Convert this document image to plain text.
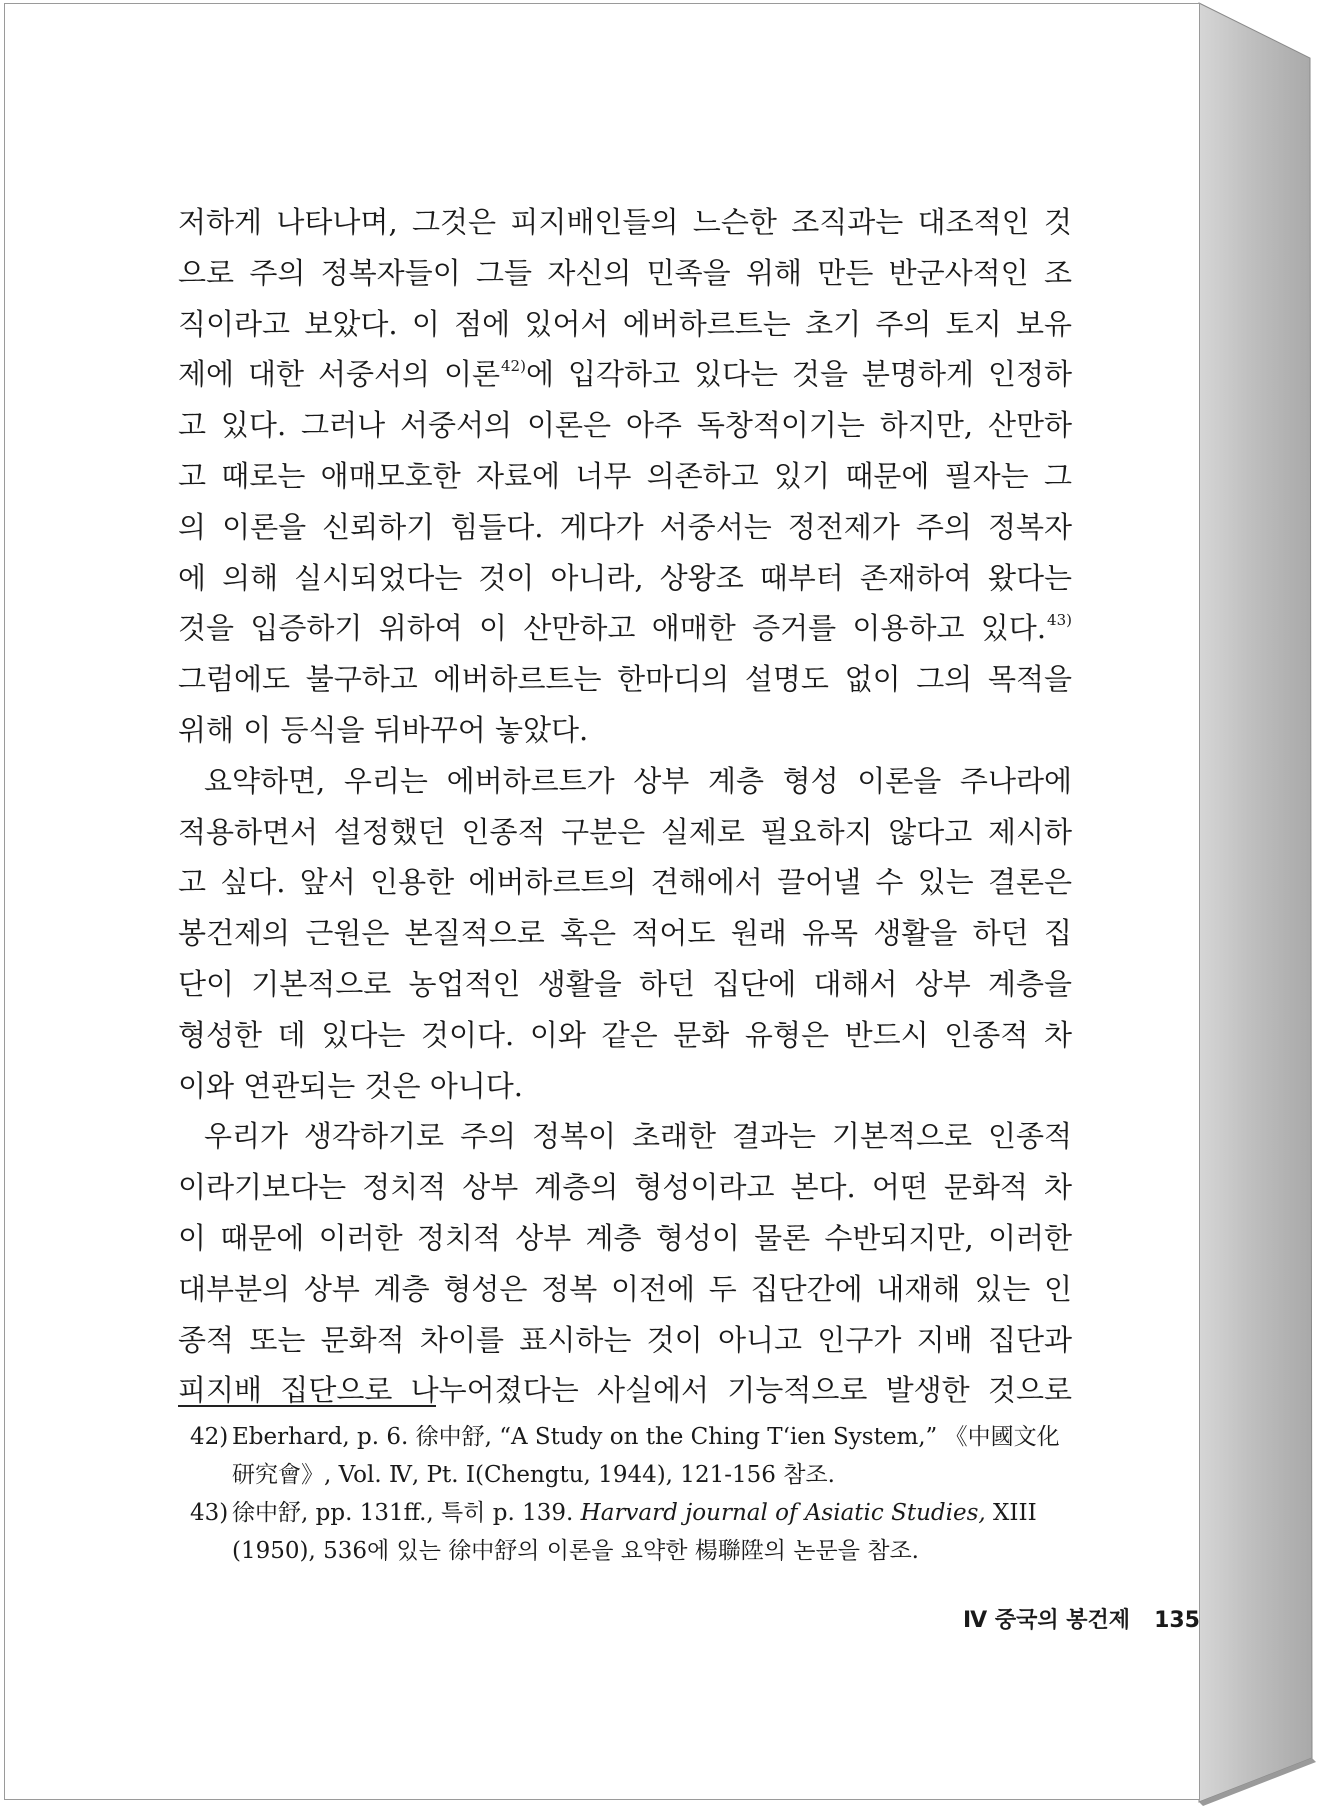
저하게 나타나며, 그것은 피지배인들의 느슨한 조직과는 대조적인 것
으로 주의 정복자들이 그들 자신의 민족을 위해 만든 반군사적인 조
직이라고 보았다. 이 점에 있어서 에버하르트는 초기 주의 토지 보유
제에 대한 서중서의 이론$^{42)}$에 입각하고 있다는 것을 분명하게 인정하
고 있다. 그러나 서중서의 이론은 아주 독창적이기는 하지만, 산만하
고 때로는 애매모호한 자료에 너무 의존하고 있기 때문에 필자는 그
의 이론을 신뢰하기 힘들다. 게다가 서중서는 정전제가 주의 정복자
에 의해 실시되었다는 것이 아니라, 상왕조 때부터 존재하여 왔다는
것을 입증하기 위하여 이 산만하고 애매한 증거를 이용하고 있다.$^{43)}$
그럼에도 불구하고 에버하르트는 한마디의 설명도 없이 그의 목적을
위해 이 등식을 뒤바꾸어 놓았다.
요약하면, 우리는 에버하르트가 상부 계층 형성 이론을 주나라에
적용하면서 설정했던 인종적 구분은 실제로 필요하지 않다고 제시하
고 싶다. 앞서 인용한 에버하르트의 견해에서 끌어낼 수 있는 결론은
봉건제의 근원은 본질적으로 혹은 적어도 원래 유목 생활을 하던 집
단이 기본적으로 농업적인 생활을 하던 집단에 대해서 상부 계층을
형성한 데 있다는 것이다. 이와 같은 문화 유형은 반드시 인종적 차
이와 연관되는 것은 아니다.
우리가 생각하기로 주의 정복이 초래한 결과는 기본적으로 인종적
이라기보다는 정치적 상부 계층의 형성이라고 본다. 어떤 문화적 차
이 때문에 이러한 정치적 상부 계층 형성이 물론 수반되지만, 이러한
대부분의 상부 계층 형성은 정복 이전에 두 집단간에 내재해 있는 인
종적 또는 문화적 차이를 표시하는 것이 아니고 인구가 지배 집단과
피지배 집단으로 나누어졌다는 사실에서 기능적으로 발생한 것으로
42) Eberhard, p. 6. 徐中舒, “A Study on the Ching T‘ien System,” 《中國文化
研究會》, Vol. Ⅳ, Pt. Ⅰ(Chengtu, 1944), 121-156 참조.
43) 徐中舒, pp. 131ff., 특히 p. 139. Harvard journal of Asiatic Studies, XIII
(1950), 536에 있는 徐中舒의 이론을 요약한 楊聯陞의 논문을 참조.
Ⅳ 중국의 봉건제 135
